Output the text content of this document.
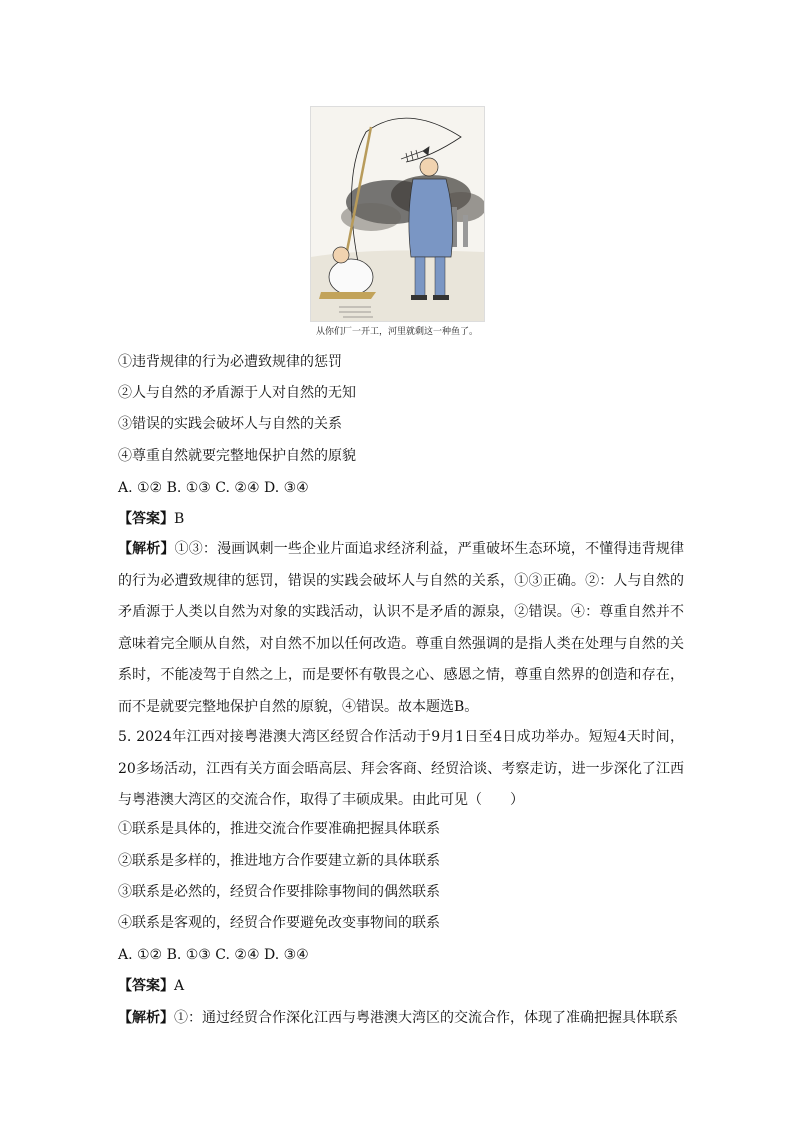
从你们厂一开工，河里就剩这一种鱼了。
①违背规律的行为必遭致规律的惩罚
②人与自然的矛盾源于人对自然的无知
③错误的实践会破坏人与自然的关系
④尊重自然就要完整地保护自然的原貌
A. ①② B. ①③ C. ②④ D. ③④
【答案】B
【解析】①③：漫画讽刺一些企业片面追求经济利益，严重破坏生态环境，不懂得违背规律的行为必遭致规律的惩罚，错误的实践会破坏人与自然的关系，①③正确。②：人与自然的矛盾源于人类以自然为对象的实践活动，认识不是矛盾的源泉，②错误。④：尊重自然并不意味着完全顺从自然，对自然不加以任何改造。尊重自然强调的是指人类在处理与自然的关系时，不能凌驾于自然之上，而是要怀有敬畏之心、感恩之情，尊重自然界的创造和存在，而不是就要完整地保护自然的原貌，④错误。故本题选B。
5. 2024年江西对接粤港澳大湾区经贸合作活动于9月1日至4日成功举办。短短4天时间，20多场活动，江西有关方面会晤高层、拜会客商、经贸洽谈、考察走访，进一步深化了江西与粤港澳大湾区的交流合作，取得了丰硕成果。由此可见（　　）
①联系是具体的，推进交流合作要准确把握具体联系
②联系是多样的，推进地方合作要建立新的具体联系
③联系是必然的，经贸合作要排除事物间的偶然联系
④联系是客观的，经贸合作要避免改变事物间的联系
A. ①② B. ①③ C. ②④ D. ③④
【答案】A
【解析】①：通过经贸合作深化江西与粤港澳大湾区的交流合作，体现了准确把握具体联系
